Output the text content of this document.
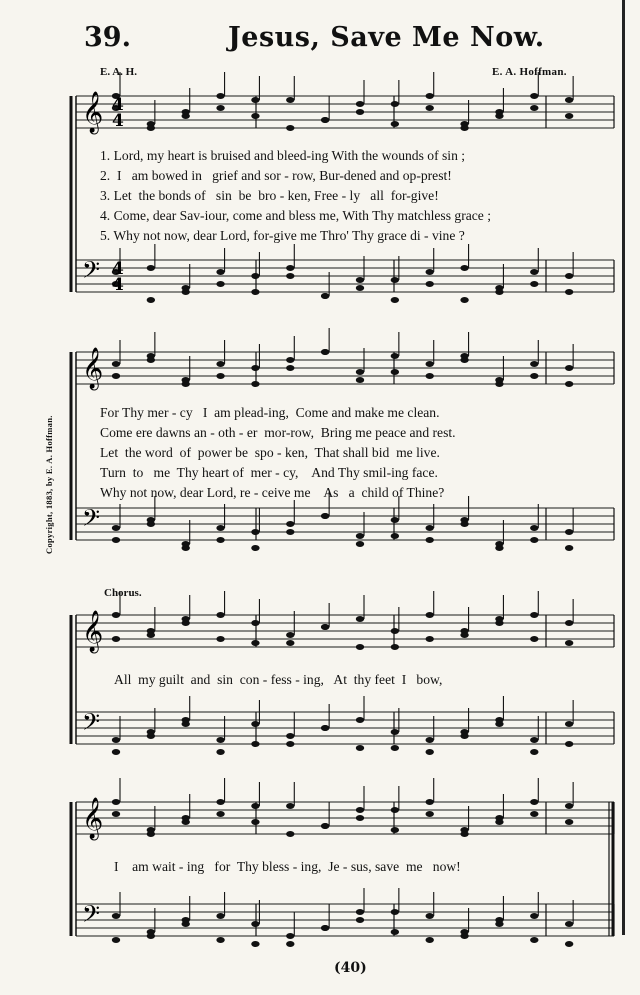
39.	Jesus, Save Me Now.
E. A. H.	E. A. Hoffman.
Copyright, 1883, by E. A. Hoffman.
𝄞
𝄢
𝄞
𝄢
𝄞
𝄢
𝄞
𝄢
4
4
4
4
1. Lord, my heart is bruised and bleed-ing With the wounds of sin ;
2.  I   am bowed in   grief and sor - row, Bur-dened and op-prest!
3. Let  the bonds of   sin  be  bro - ken, Free - ly   all  for-give!
4. Come, dear Sav-iour, come and bless me, With Thy matchless grace ;
5. Why not now, dear Lord, for-give me Thro' Thy grace di - vine ?
For Thy mer - cy   I  am plead-ing,  Come and make me clean.
Come ere dawns an - oth - er  mor-row,  Bring me peace and rest.
Let  the word  of  power be  spo - ken,  That shall bid  me live.
Turn  to   me  Thy heart of  mer - cy,    And Thy smil-ing face.
Why not now, dear Lord, re - ceive me    As   a  child of Thine?
Chorus.
All  my guilt  and  sin  con - fess - ing,   At  thy feet  I   bow,
I    am wait - ing   for  Thy bless - ing,  Je - sus, save  me   now!
(40)
